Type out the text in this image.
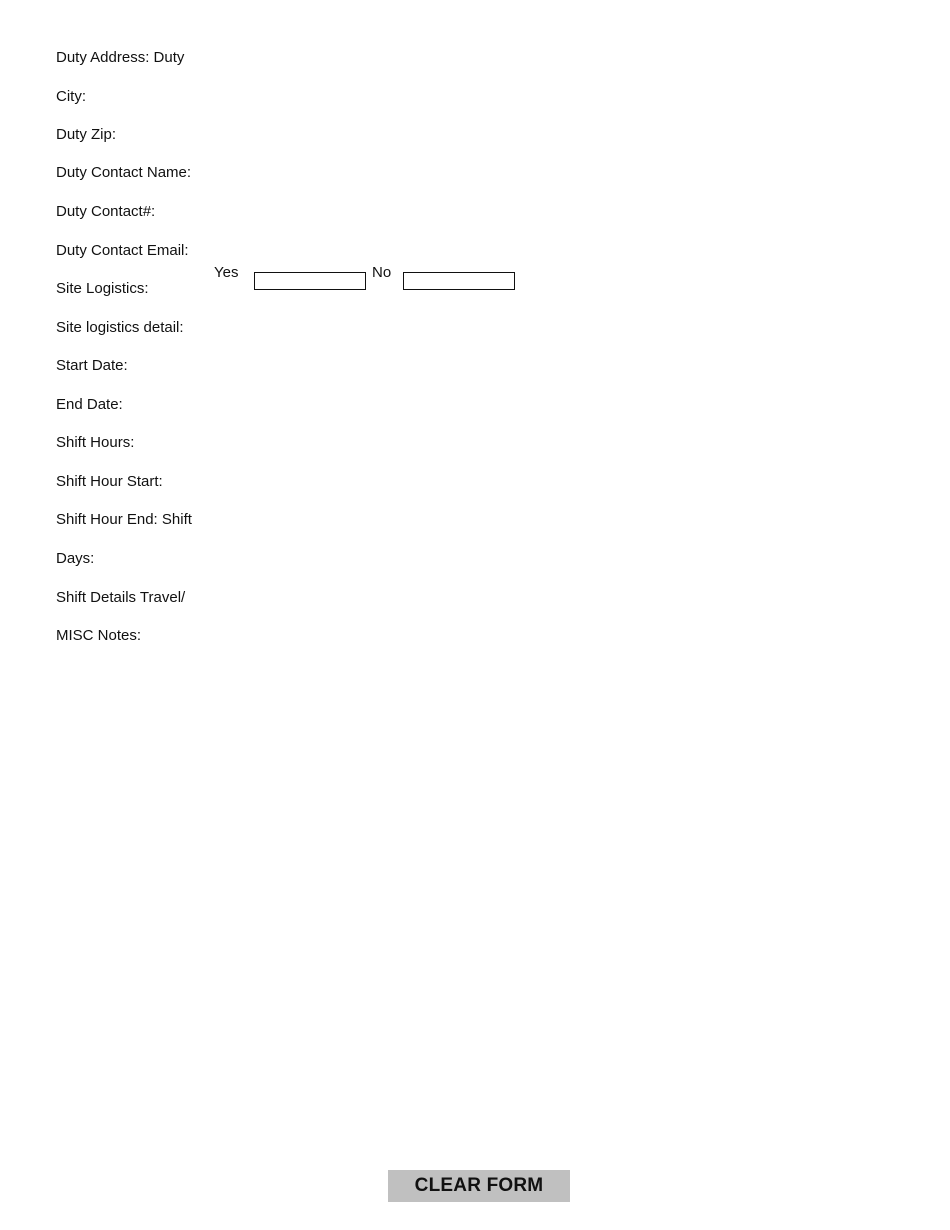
Duty Address: Duty
City:
Duty Zip:
Duty Contact Name:
Duty Contact#:
Duty Contact Email:
Site Logistics:
Site logistics detail:
Start Date:
End Date:
Shift Hours:
Shift Hour Start:
Shift Hour End: Shift
Days:
Shift Details Travel/
MISC Notes:
Yes	No
CLEAR FORM
